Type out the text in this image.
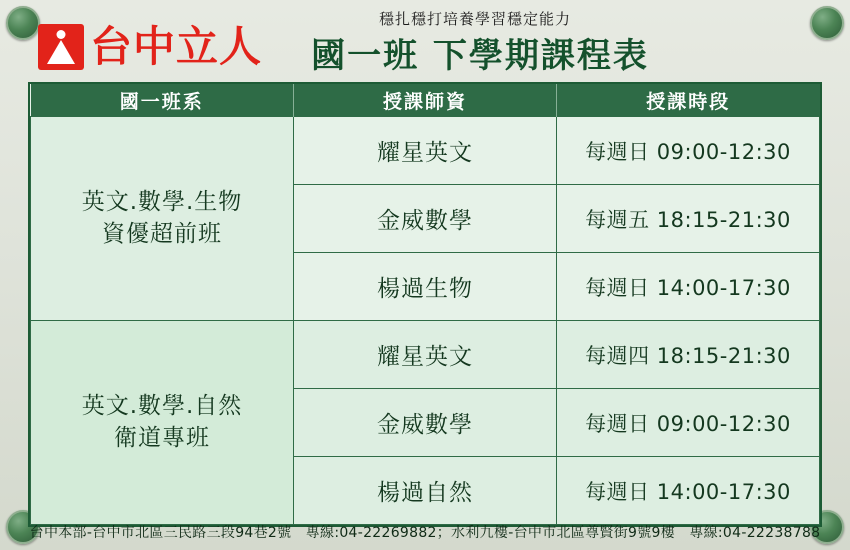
台中立人
穩扎穩打培養學習穩定能力
國一班 下學期課程表
國一班系	授課師資	授課時段

英文.數學.生物
資優超前班	耀星英文	每週日 09:00-12:30
	金威數學	每週五 18:15-21:30
	楊過生物	每週日 14:00-17:30

英文.數學.自然
衛道專班	耀星英文	每週四 18:15-21:30
	金威數學	每週日 09:00-12:30
	楊過自然	每週日 14:00-17:30
台中本部-台中市北區三民路三段94巷2號　專線:04-22269882；水利九樓-台中市北區尊賢街9號9樓　專線:04-22238788
